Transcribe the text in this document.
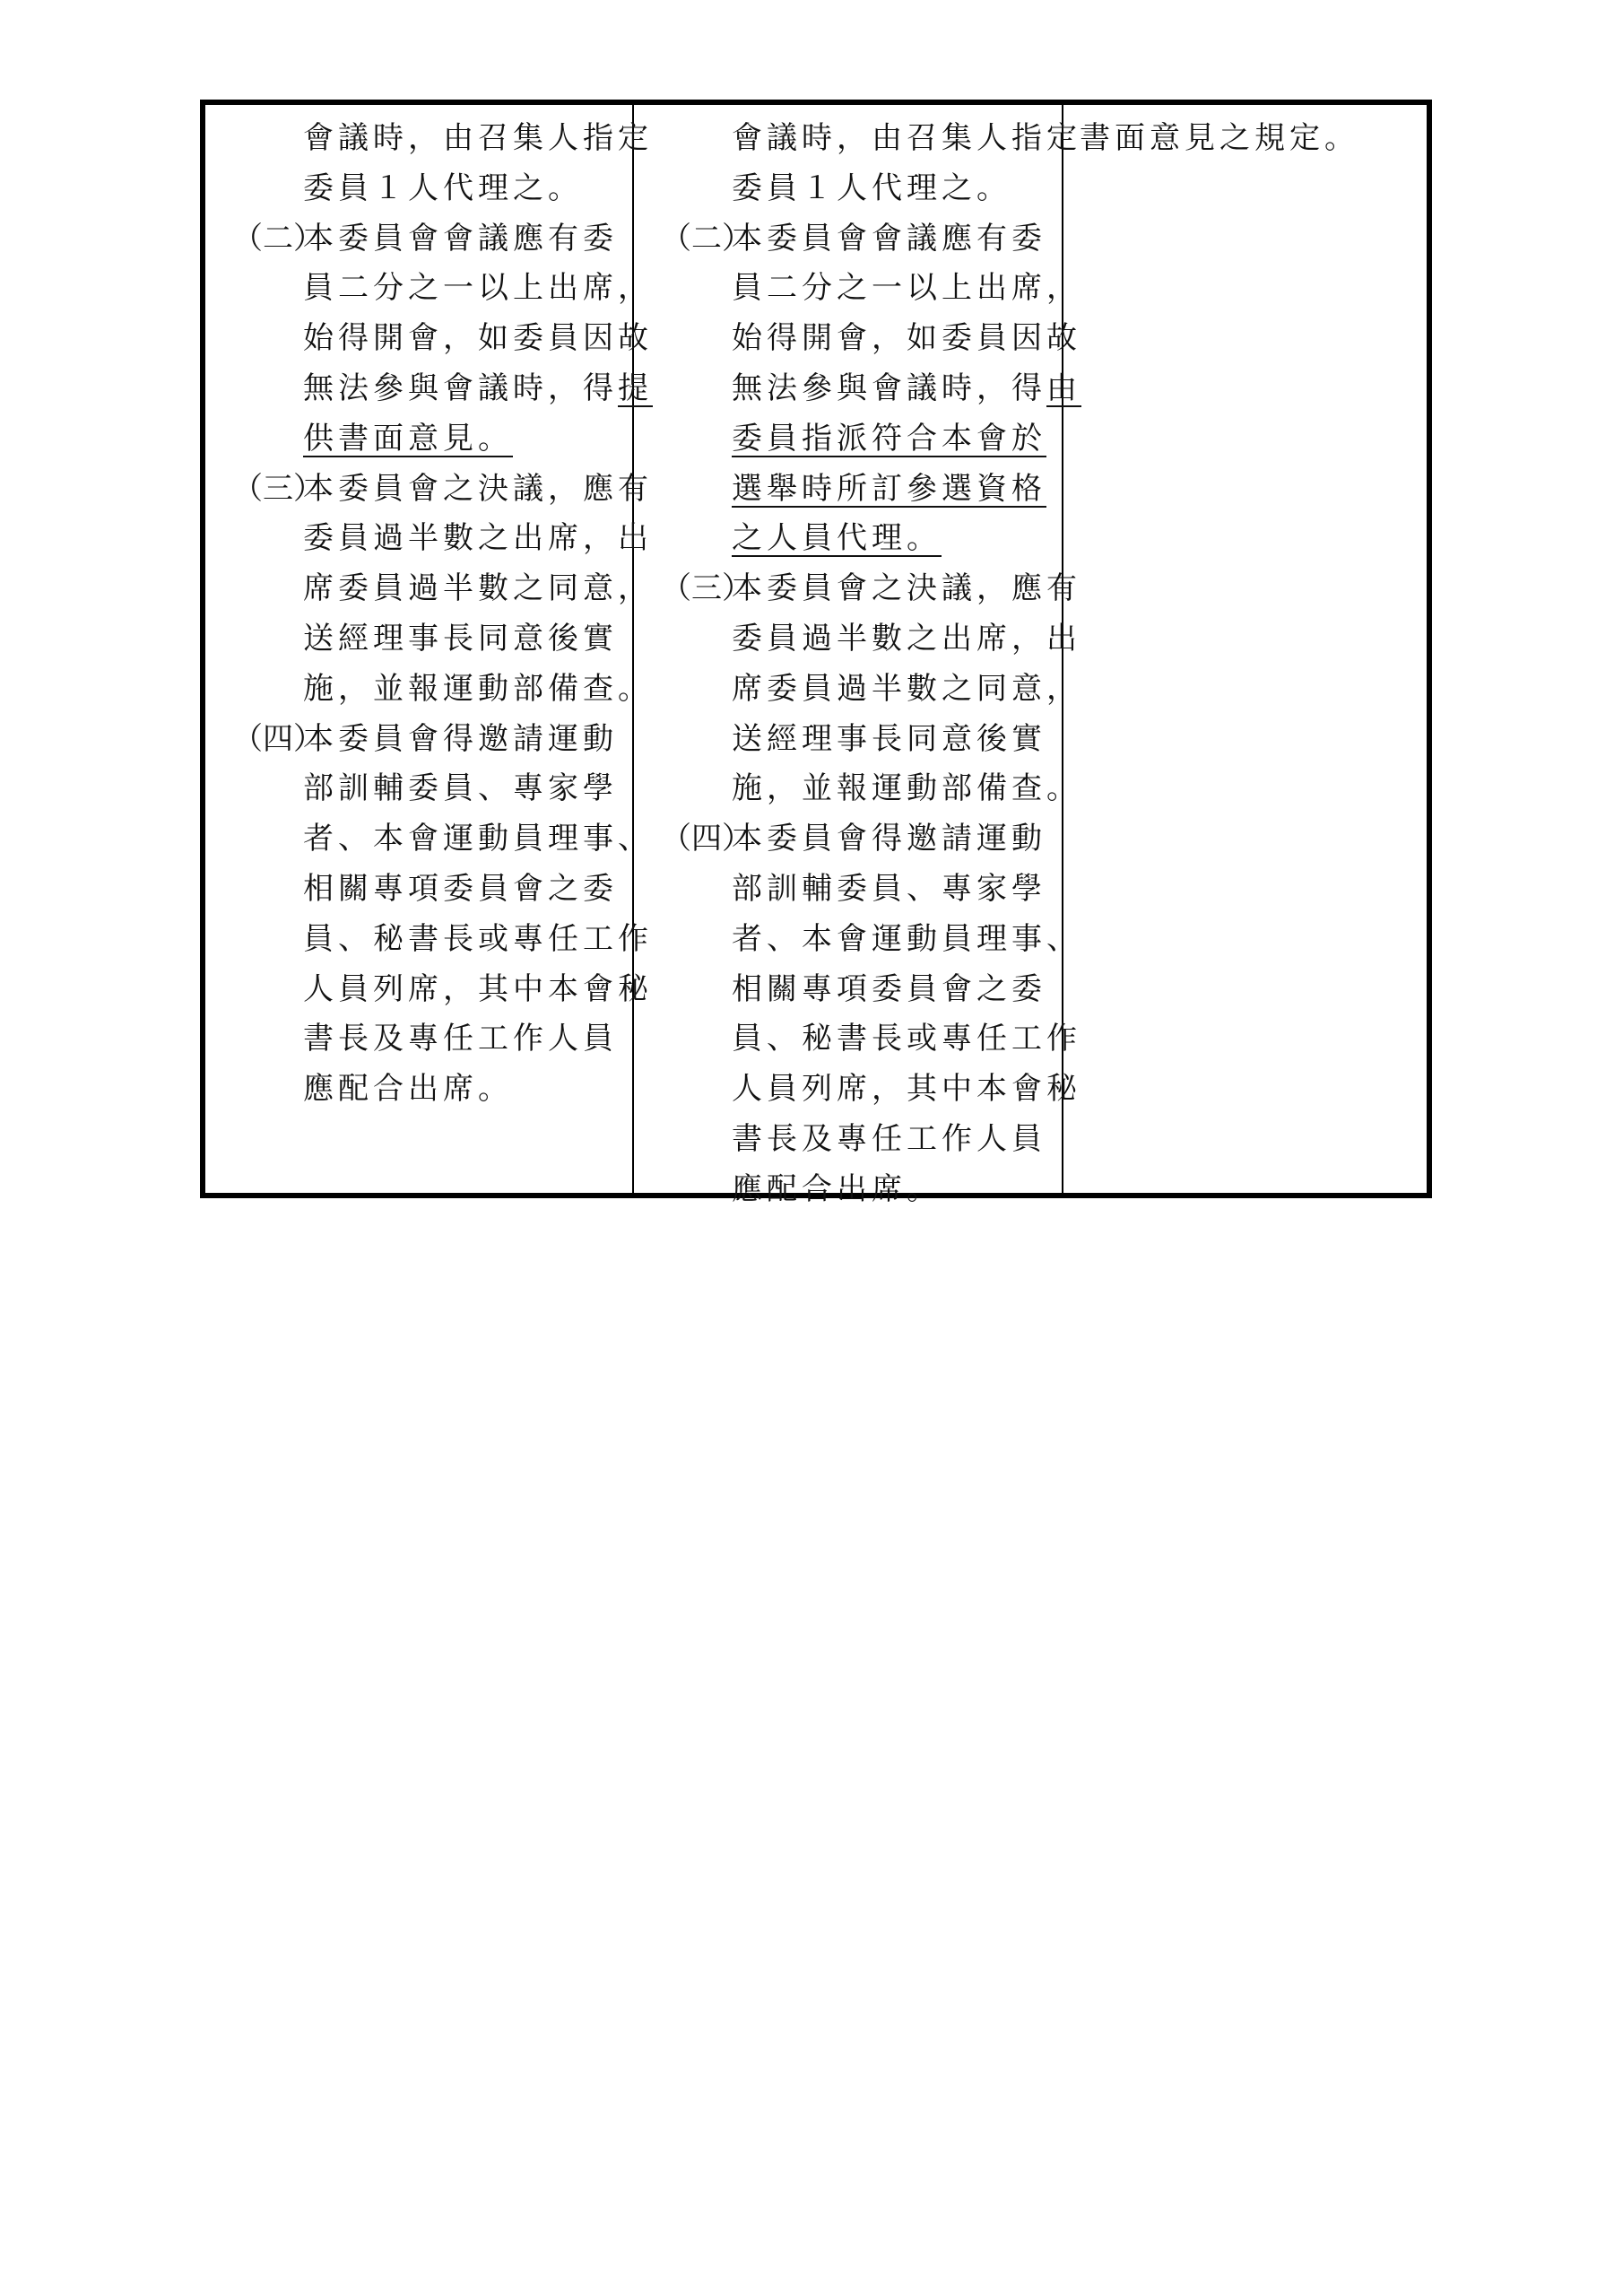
會議時，由召集人指定
委員１人代理之。
（二）
本委員會會議應有委
員二分之一以上出席，
始得開會，如委員因故
無法參與會議時，得提
供書面意見。
（三）
本委員會之決議，應有
委員過半數之出席，出
席委員過半數之同意，
送經理事長同意後實
施，並報運動部備查。
（四）
本委員會得邀請運動
部訓輔委員、專家學
者、本會運動員理事、
相關專項委員會之委
員、秘書長或專任工作
人員列席，其中本會秘
書長及專任工作人員
應配合出席。
會議時，由召集人指定
委員１人代理之。
（二）
本委員會會議應有委
員二分之一以上出席，
始得開會，如委員因故
無法參與會議時，得由
委員指派符合本會於
選舉時所訂參選資格
之人員代理。
（三）
本委員會之決議，應有
委員過半數之出席，出
席委員過半數之同意，
送經理事長同意後實
施，並報運動部備查。
（四）
本委員會得邀請運動
部訓輔委員、專家學
者、本會運動員理事、
相關專項委員會之委
員、秘書長或專任工作
人員列席，其中本會秘
書長及專任工作人員
應配合出席。
書面意見之規定。
